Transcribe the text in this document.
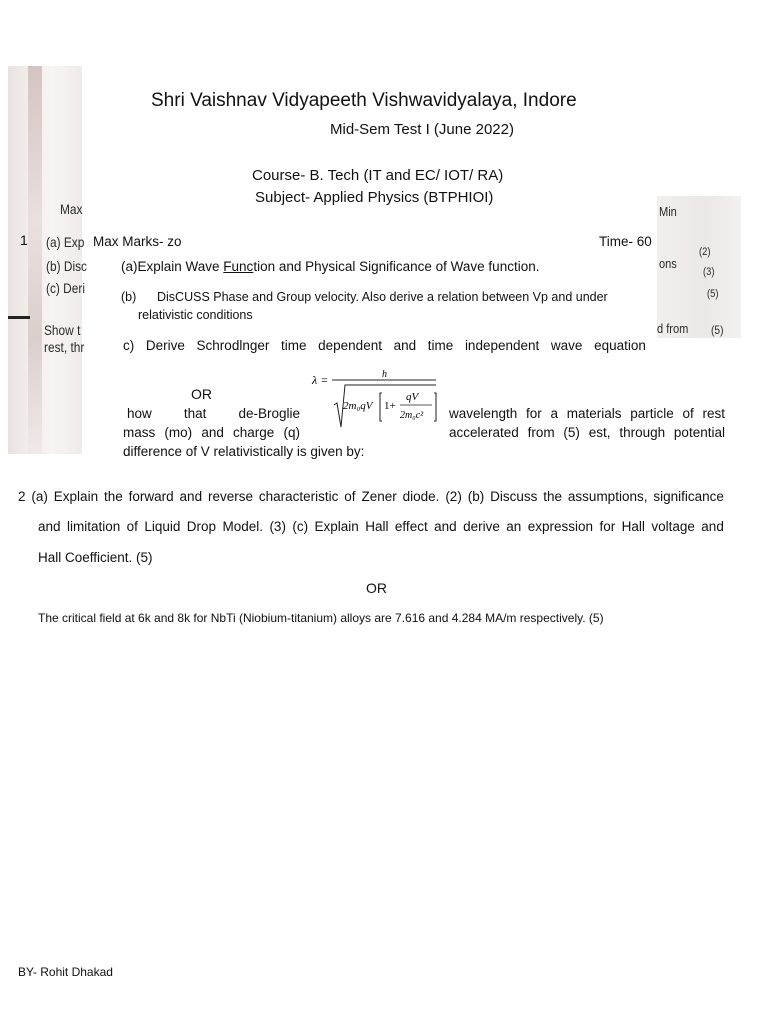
Max
(a) Exp
(b) Disc
(c) Deri
Show t
rest, thr
1
Min
(2)
ons
(3)
(5)
d from (5)
Shri Vaishnav Vidyapeeth Vishwavidyalaya, Indore
Mid-Sem Test I (June 2022)
Course- B. Tech (IT and EC/ IOT/ RA)
Subject- Applied Physics (BTPHIOI)
Max Marks- zo	Time- 60
(a)Explain Wave Function and Physical Significance of Wave function.
(b) DisCUSS Phase and Group velocity. Also derive a relation between Vp and under
relativistic conditions
c) Derive Schrodlnger time dependent and time independent wave equation
OR
λ =	h
2m₀qV 1+
qV
2m₀c²
how that de-Broglie	wavelength for a materials particle of rest
mass (mo) and charge (q)	accelerated from (5) est, through potential
difference of V relativistically is given by:
2 (a) Explain the forward and reverse characteristic of Zener diode. (2) (b) Discuss the assumptions, significance
and limitation of Liquid Drop Model. (3) (c) Explain Hall effect and derive an expression for Hall voltage and
Hall Coefficient. (5)
OR
The critical field at 6k and 8k for NbTi (Niobium-titanium) alloys are 7.616 and 4.284 MA/m respectively. (5)
BY- Rohit Dhakad
